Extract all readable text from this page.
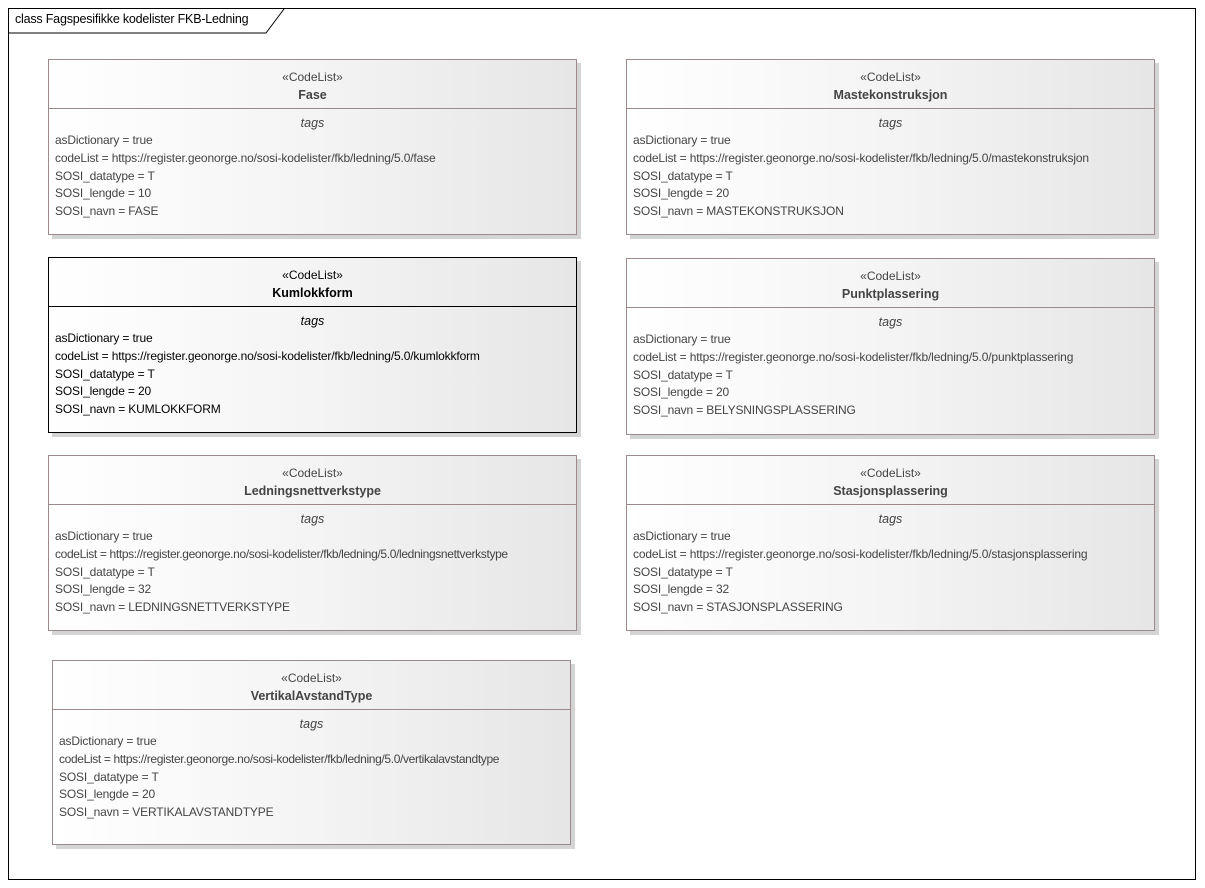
class Fagspesifikke kodelister FKB-Ledning
«CodeList»
Fase
tags
asDictionary = true
codeList = https://register.geonorge.no/sosi-kodelister/fkb/ledning/5.0/fase
SOSI_datatype = T
SOSI_lengde = 10
SOSI_navn = FASE
«CodeList»
Mastekonstruksjon
tags
asDictionary = true
codeList = https://register.geonorge.no/sosi-kodelister/fkb/ledning/5.0/mastekonstruksjon
SOSI_datatype = T
SOSI_lengde = 20
SOSI_navn = MASTEKONSTRUKSJON
«CodeList»
Kumlokkform
tags
asDictionary = true
codeList = https://register.geonorge.no/sosi-kodelister/fkb/ledning/5.0/kumlokkform
SOSI_datatype = T
SOSI_lengde = 20
SOSI_navn = KUMLOKKFORM
«CodeList»
Punktplassering
tags
asDictionary = true
codeList = https://register.geonorge.no/sosi-kodelister/fkb/ledning/5.0/punktplassering
SOSI_datatype = T
SOSI_lengde = 20
SOSI_navn = BELYSNINGSPLASSERING
«CodeList»
Ledningsnettverkstype
tags
asDictionary = true
codeList = https://register.geonorge.no/sosi-kodelister/fkb/ledning/5.0/ledningsnettverkstype
SOSI_datatype = T
SOSI_lengde = 32
SOSI_navn = LEDNINGSNETTVERKSTYPE
«CodeList»
Stasjonsplassering
tags
asDictionary = true
codeList = https://register.geonorge.no/sosi-kodelister/fkb/ledning/5.0/stasjonsplassering
SOSI_datatype = T
SOSI_lengde = 32
SOSI_navn = STASJONSPLASSERING
«CodeList»
VertikalAvstandType
tags
asDictionary = true
codeList = https://register.geonorge.no/sosi-kodelister/fkb/ledning/5.0/vertikalavstandtype
SOSI_datatype = T
SOSI_lengde = 20
SOSI_navn = VERTIKALAVSTANDTYPE
